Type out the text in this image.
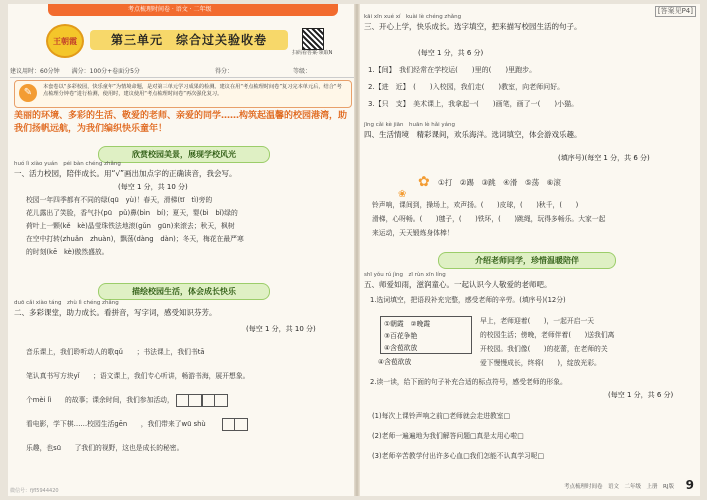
考点梳理时间卷 · 语文 · 二年级
王朝霞	第三单元　综合过关验收卷
扫码看答案·领取N
建议用时：60分钟　　满分：100分+卷面分5分	得分：	等级：
✎	本套卷以“多彩校园，快乐童年”为情境命题，是对第三单元学习成果的检测。建议在用“考点梳理时间卷”复习完本单元后，结合“考点梳理分钟卷”进行检测，使用时，建议使用“考点梳理时间卷”再次强化复习。
美丽的环境、多彩的生活、敬爱的老师、亲爱的同学……构筑起温馨的校园港湾，助我们扬帆远航，为我们编织快乐童年！
欣赏校园美景，展现学校风光
huó lì xiào yuán　péi bàn chéng zhǎng
一、活力校园，陪伴成长。用“√”画出加点字的正确读音，我会写。
(每空 1 分，共 10 分)
校园一年四季都有不同的绿(qū　yù)！春天，滑梯(tī　tì)旁的
花儿露出了笑脸，香气扑(pū　pǔ)鼻(bìn　bí)；夏天，婴(bì　bǐ)绿的
荷叶上一颗(kě　kè)晶莹珠铁法地滚(gǔn　gūn)来滚去；秋天，枫树
在空中打转(zhuǎn　zhuàn)，飘荡(dàng　dàn)；冬天，梅花在最严寒
的时刻(kē　kè)傲然盛放。
描绘校园生活，体会成长快乐
duō cǎi xiào táng　zhù lì chéng zhǎng
二、多彩课堂，助力成长。看拼音，写字词，感受知识芬芳。
(每空 1 分，共 10 分)
音乐课上，我们聆听动人的歌qǔ　　；书法课上，我们书tā　　
笔认真书写方块yǐ　　；语文课上，我们专心听讲，畅游书海，展开想象。
个mèi lì　　的故事；课余时间，我们参加活动，
看电影，学下棋……校园生活gēn　　，我们带来了wū shù　　
乐趣，也sū　　了我们的视野，这也是成长的秘密。
微信号：fjfl5944420
kāi xīn xué xí　kuài lè chéng zhǎng
三、开心上学，快乐成长。选字填空，把来描写校园生活的句子。
(每空 1 分，共 6 分)
1.【间】　我们经常在学校运(　　)里的(　　)里跑步。
2.【进　近】　(　　)入校园，我们走(　　)教室，向老师问好。
3.【只　支】　美术课上，我拿起一(　　)画笔，画了一(　　)小猫。
jīng cǎi kè jiān　huān lè hǎi yáng
四、生活情境　精彩课间，欢乐海洋。选词填空，体会游戏乐趣。
(填序号)(每空 1 分，共 6 分)
✿
❀
①打　②踢　③跳　④滑　⑤荡　⑥滚
铃声响，课间到，操场上，欢声扬。(　　)皮球，(　　)秋千，(　　)
滑梯，心呀畅。(　　)毽子，(　　)铁环，(　　)跳绳，玩得多畅乐。大家一起
来运动，天天锻炼身体棒！
介绍老师同学，珍惜温暖陪伴
shī yǒu rú jìng　zī rùn xīn líng
五、师爱如雨，滋润童心。一起认识今人敬爱的老师吧。
1.选词填空，把语段补充完整，感受老师的辛劳。(填序号)(12分)
①朝霞　②晚霞
③百花争艳
④含苞欲放
④含苞欲放
早上，老师迎着(　　)，一起开启一天
的校园生活；傍晚，老师伴着(　　)送我们离
开校园。我们像(　　)的花蕾，在老师的关
爱下慢慢成长，终将(　　)，绽放光彩。
2.读一读，给下面的句子补充合适的标点符号，感受老师的形象。
(每空 1 分，共 6 分)
(1)每次上课铃声响之前□老师就会走进教室□
(2)老师一遍遍地为我们解答问题□真是太用心啦□
(3)老师辛苦教学付出许多心血□我们怎能不认真学习呢□
[答案见P4]
考点梳理时间卷　语文　二年级　上册　RJ版 9
